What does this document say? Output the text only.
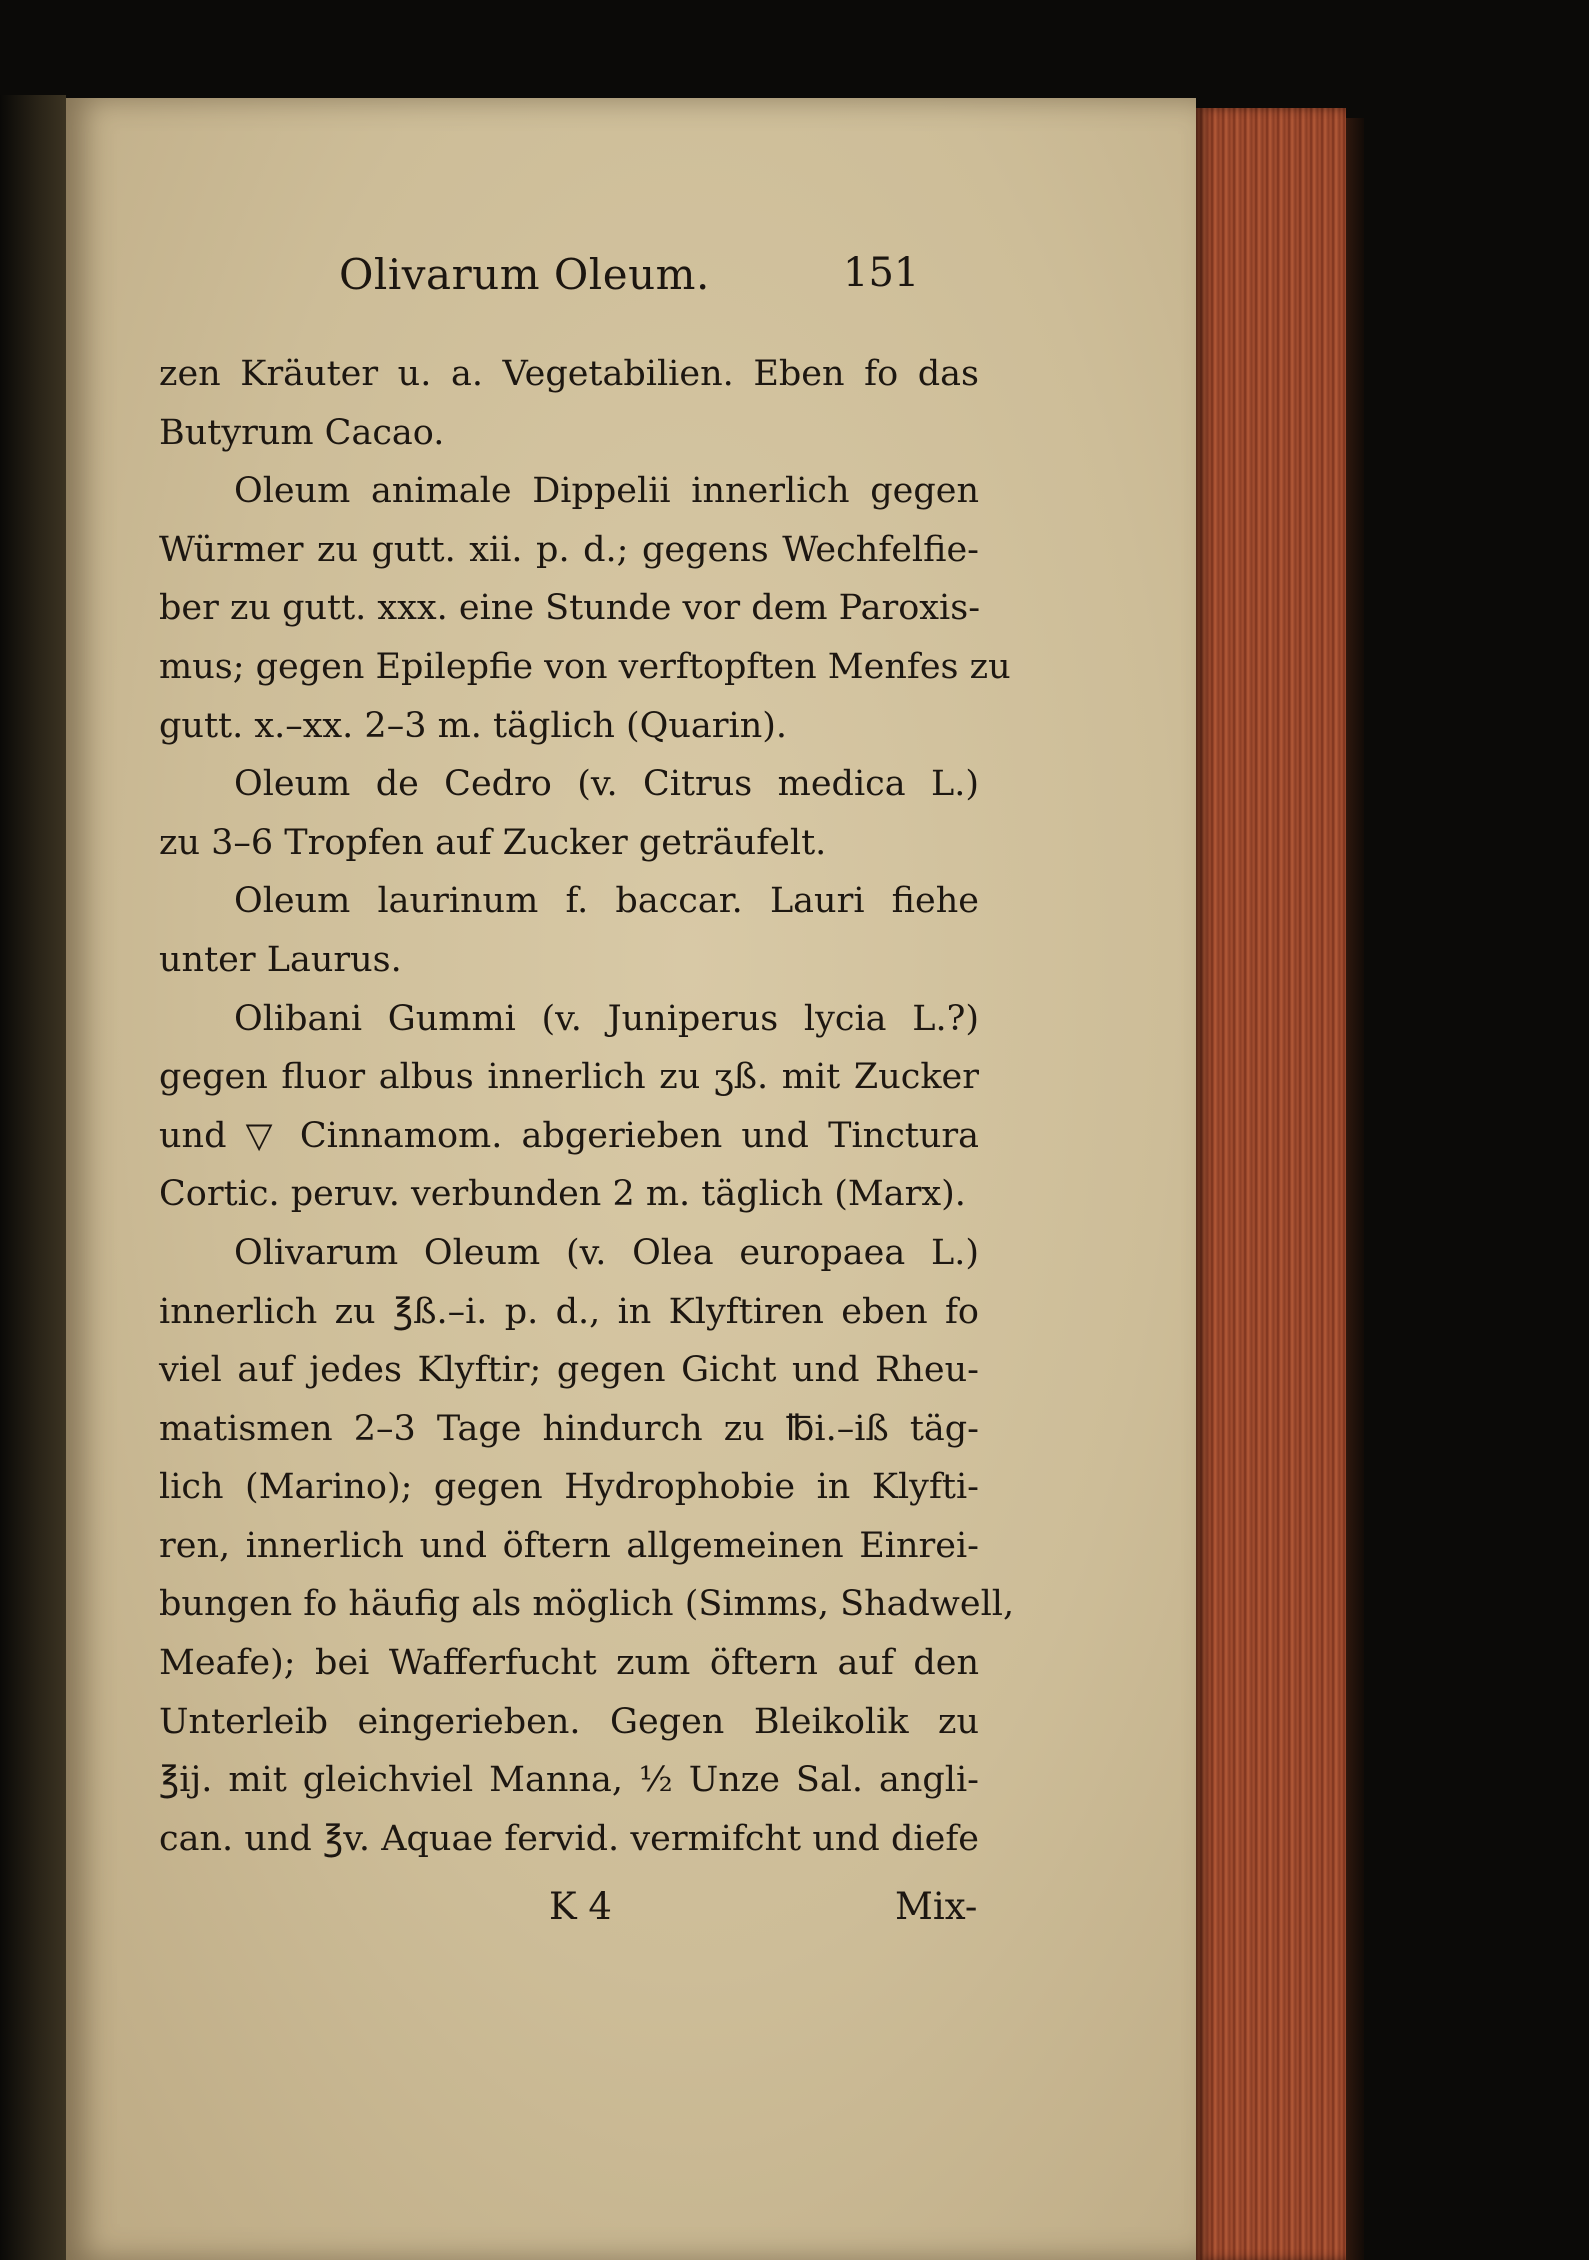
Olivarum Oleum.	151
zen Kräuter u. a. Vegetabilien. Eben fo das
Butyrum Cacao.
Oleum animale Dippelii innerlich gegen
Würmer zu gutt. xii. p. d.; gegens Wechfelfie-
ber zu gutt. xxx. eine Stunde vor dem Paroxis-
mus; gegen Epilepfie von verftopften Menfes zu
gutt. x.–xx. 2–3 m. täglich (Quarin).
Oleum de Cedro (v. Citrus medica L.)
zu 3–6 Tropfen auf Zucker geträufelt.
Oleum laurinum f. baccar. Lauri fiehe
unter Laurus.
Olibani Gummi (v. Juniperus lycia L.?)
gegen fluor albus innerlich zu ʒß. mit Zucker
und ▽ Cinnamom. abgerieben und Tinctura
Cortic. peruv. verbunden 2 m. täglich (Marx).
Olivarum Oleum (v. Olea europaea L.)
innerlich zu ℥ß.–i. p. d., in Klyftiren eben fo
viel auf jedes Klyftir; gegen Gicht und Rheu-
matismen 2–3 Tage hindurch zu ℔i.–iß täg-
lich (Marino); gegen Hydrophobie in Klyfti-
ren, innerlich und öftern allgemeinen Einrei-
bungen fo häufig als möglich (Simms, Shadwell,
Meafe); bei Wafferfucht zum öftern auf den
Unterleib eingerieben. Gegen Bleikolik zu
℥ij. mit gleichviel Manna, ½ Unze Sal. angli-
can. und ℥v. Aquae fervid. vermifcht und diefe
K 4	Mix-
